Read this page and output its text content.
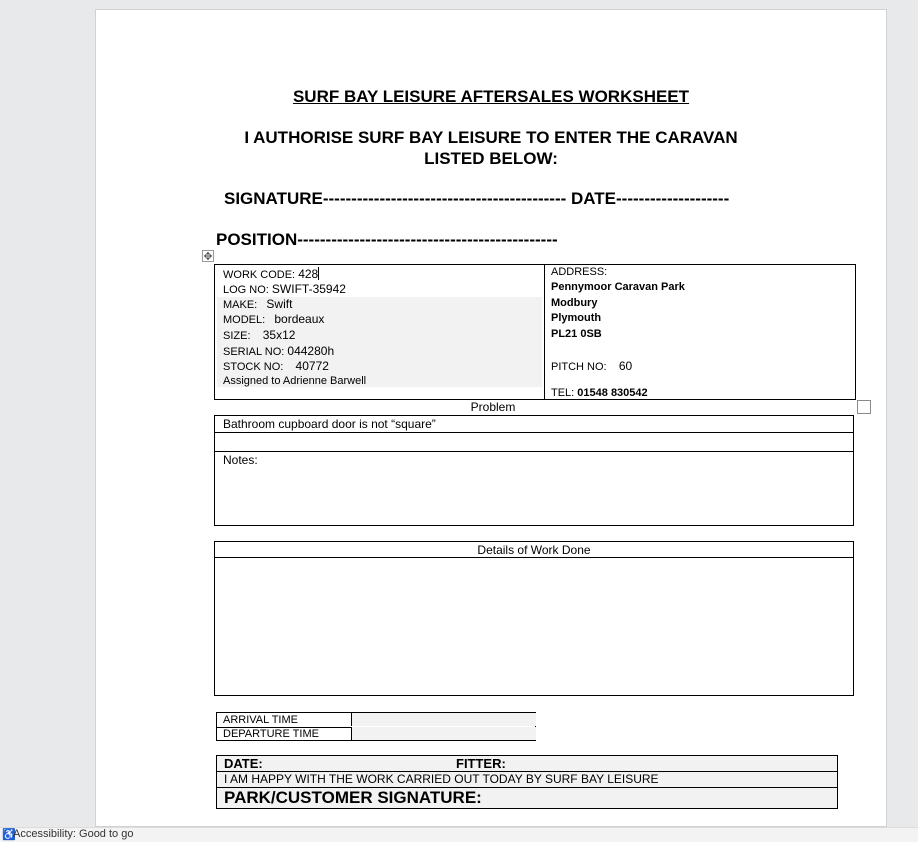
SURF BAY LEISURE AFTERSALES WORKSHEET
I AUTHORISE SURF BAY LEISURE TO ENTER THE CARAVAN
LISTED BELOW:
SIGNATURE------------------------------------------- DATE--------------------
POSITION----------------------------------------------
✥
WORK CODE: 428
LOG NO: SWIFT-35942
MAKE: Swift
MODEL: bordeaux
SIZE: 35x12
SERIAL NO: 044280h
STOCK NO: 40772
Assigned to Adrienne Barwell
ADDRESS:
Pennymoor Caravan Park
Modbury
Plymouth
PL21 0SB
PITCH NO: 60
TEL: 01548 830542
Problem
Bathroom cupboard door is not “square”
Notes:
Details of Work Done
ARRIVAL TIME
DEPARTURE TIME
DATE:	FITTER:
I AM HAPPY WITH THE WORK CARRIED OUT TODAY BY SURF BAY LEISURE
PARK/CUSTOMER SIGNATURE:
♿
Accessibility: Good to go
